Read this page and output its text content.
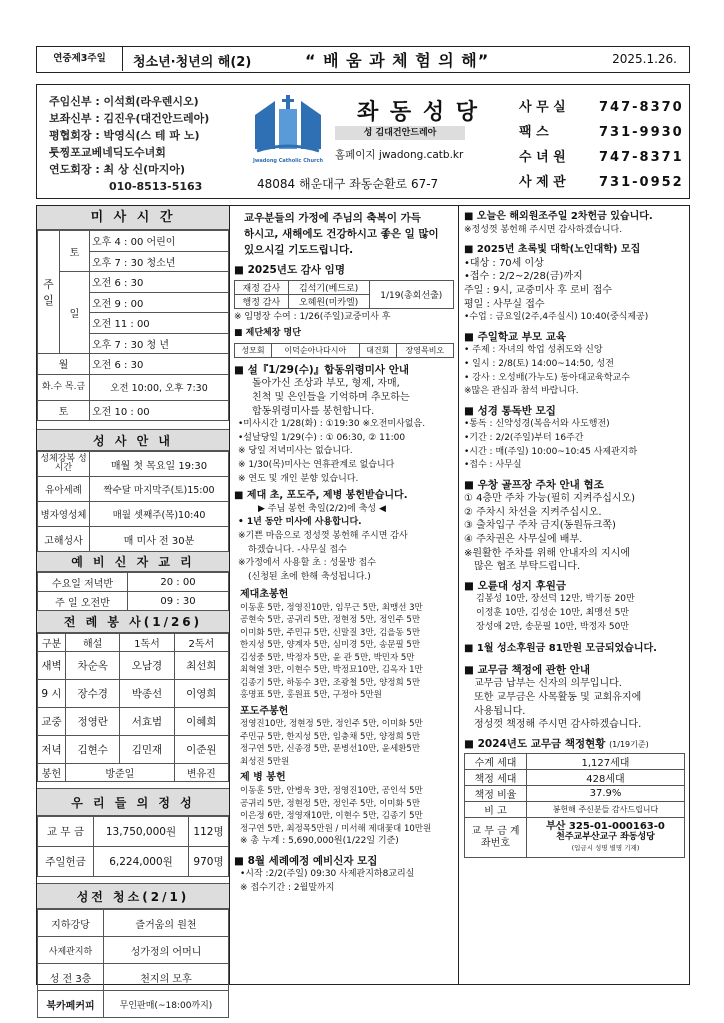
연중제3주일	청소년·청년의 해(2)	“ 배 움 과 체 험 의 해”	2025.1.26.
주임신부 : 이석희(라우렌시오)
보좌신부 : 김진우(대건안드레아)
평협회장 : 박영식(스 테 파 노)
툿찡포교베네딕도수녀회
연도회장 : 최 상 신(마지아)
010-8513-5163
Jwadong Catholic Church
좌 동 성 당
성 김대건안드레아
홈페이지 jwadong.catb.kr
48084 해운대구 좌동순환로 67-7
사 무 실	747-8370
팩 스	731-9930
수 녀 원	747-8371
사 제 관	731-0952
미 사 시 간
주일	토	오후 4 : 00 어린이
		오후 7 : 30 청소년
	일	오전 6 : 30
		오전 9 : 00
		오전 11 : 00
		오후 7 : 30 청 년
월		오전 6 : 30
화.수 목.금		오전 10:00, 오후 7:30
토		오전 10 : 00
성 사 안 내
성체강복 성시간	매월 첫 목요일 19:30
유아세례	짝수달 마지막주(토)15:00
병자영성체	매월 셋째주(목)10:40
고해성사	매 미사 전 30분
예 비 신 자 교 리
수요일 저녁반	20 : 00
주 일 오전반	09 : 30
전 례 봉 사(1/26)
구분	해설	1독서	2독서
새벽	차순옥	오남경	최선희
9 시	장수경	박종선	이영희
교중	정영란	서효범	이혜희
저녁	김현수	김민재	이준원
봉헌	방준일		변유진
우 리 들 의 정 성
교 무 금	13,750,000원	112명
주일헌금	6,224,000원	970명
성전 청소(2/1)
지하강당	즐거움의 원천
사제관지하	성가정의 어머니
성 전 3층	천지의 모후
북카페커피	무인판매(~18:00까지)
교우분들의 가정에 주님의 축복이 가득
하시고, 새해에도 건강하시고 좋은 일 많이
있으시길 기도드립니다.
■ 2025년도 감사 임명
재정 감사	김석기(베드로)	1/19(총회선출)
행정 감사	오혜원(미카엘)	
※ 임명장 수여 : 1/26(주일)교중미사 후
■ 제단체장 명단
성모회	이덕순아나다시아	대건회	장영목비오
■ 설『1/29(수)』합동위령미사 안내
돌아가신 조상과 부모, 형제, 자매,
친척 및 은인들을 기억하며 추모하는
합동위령미사를 봉헌합니다.
•미사시간 1/28(화) : ①19:30 ※오전미사없음.
•설날당일 1/29(수) : ① 06:30, ② 11:00
※ 당일 저녁미사는 없습니다.
※ 1/30(목)미사는 연휴관계로 없습니다
※ 연도 및 개인 분향 있습니다.
■ 제대 초, 포도주, 제병 봉헌받습니다.
▶ 주님 봉헌 축일(2/2)에 축성 ◀
• 1년 동안 미사에 사용합니다.
※기쁜 마음으로 정성껏 봉헌해 주시면 감사
하겠습니다. -사무실 접수
※가정에서 사용할 초 : 성물방 접수
(신청된 초에 한해 축성됩니다.)
제대초봉헌
이동훈 5만, 정영진10만, 임무근 5만, 최맹선 3만
공현숙 5만, 공귀리 5만, 정현정 5만, 정인주 5만
이미화 5만, 주민규 5만, 신말질 3만, 김을동 5만
한지성 5만, 양계자 5만, 심미경 5만, 송문필 5만
김성중 5만, 박정자 5만, 윤 관 5만, 박민자 5만
최혁열 3만, 이현수 5만, 박정묘10만, 김옥자 1만
김종기 5만, 하동수 3만, 조광철 5만, 양정희 5만
홍명표 5만, 홍원표 5만, 구정아 5만원
포도주봉헌
정영진10만, 정현정 5만, 정인주 5만, 이미화 5만
주민규 5만, 한지성 5만, 임충채 5만, 양정희 5만
정구연 5만, 신종경 5만, 문병선10만, 윤세환5만
최성진 5만원
제 병 봉헌
이동훈 5만, 안병욱 3만, 정영진10만, 공인석 5만
공귀리 5만, 정현정 5만, 정인주 5만, 이미화 5만
이은정 6만, 정영재10만, 이현수 5만, 김종기 5만
정구연 5만, 최정목5만원 / 미서해 제대꽃대 10만원
※ 총 누계 : 5,690,000원(1/22일 기준)
■ 8월 세례예정 예비신자 모집
•시작 :2/2(주일) 09:30 사제관지하8교리실
※ 접수기간 : 2월말까지
■ 오늘은 해외원조주일 2차헌금 있습니다.
※정성껏 봉헌해 주시면 감사하겠습니다.
■ 2025년 초록빛 대학(노인대학) 모집
•대상 : 70세 이상
•접수 : 2/2~2/28(금)까지
주일 : 9시, 교중미사 후 로비 접수
평일 : 사무실 접수
•수업 : 금요일(2주,4주실시) 10:40(중식제공)
■ 주일학교 부모 교육
• 주제 : 자녀의 학업 성취도와 신앙
• 일시 : 2/8(토) 14:00~14:50, 성전
• 강사 : 오성배(가누도) 동아대교육학교수
※많은 관심과 참석 바랍니다.
■ 성경 통독반 모집
•통독 : 신약성경(복음서와 사도행전)
•기간 : 2/2(주일)부터 16주간
•시간 : 매(주일) 10:00~10:45 사제관지하
•접수 : 사무실
■ 우창 골프장 주차 안내 협조
① 4층만 주차 가능(필히 지켜주십시오)
② 주차시 차선을 지켜주십시오.
③ 출차입구 주차 금지(동원듀크쪽)
④ 주차권은 사무실에 배부.
※원활한 주차를 위해 안내자의 지시에
많은 협조 부탁드립니다.
■ 오륜대 성지 후원금
김봉성 10만, 장선덕 12만, 박기동 20만
이정훈 10만, 김성순 10만, 최맹선 5만
장성애 2만, 송문필 10만, 박정자 50만
■ 1월 성소후원금 81만원 모금되었습니다.
■ 교무금 책정에 관한 안내
교무금 납부는 신자의 의무입니다.
또한 교무금은 사목활동 및 교회유지에
사용됩니다.
정성껏 책정해 주시면 감사하겠습니다.
■ 2024년도 교무금 책정현황 (1/19기준)
수계 세대	1,127세대
책정 세대	428세대
책정 비율	37.9%
비 고	봉헌해 주신분들 감사드립니다
교 무 금 계좌번호	부산 325-01-000163-0
천주교부산교구 좌동성당
(입금시 성명 별명 기재)
